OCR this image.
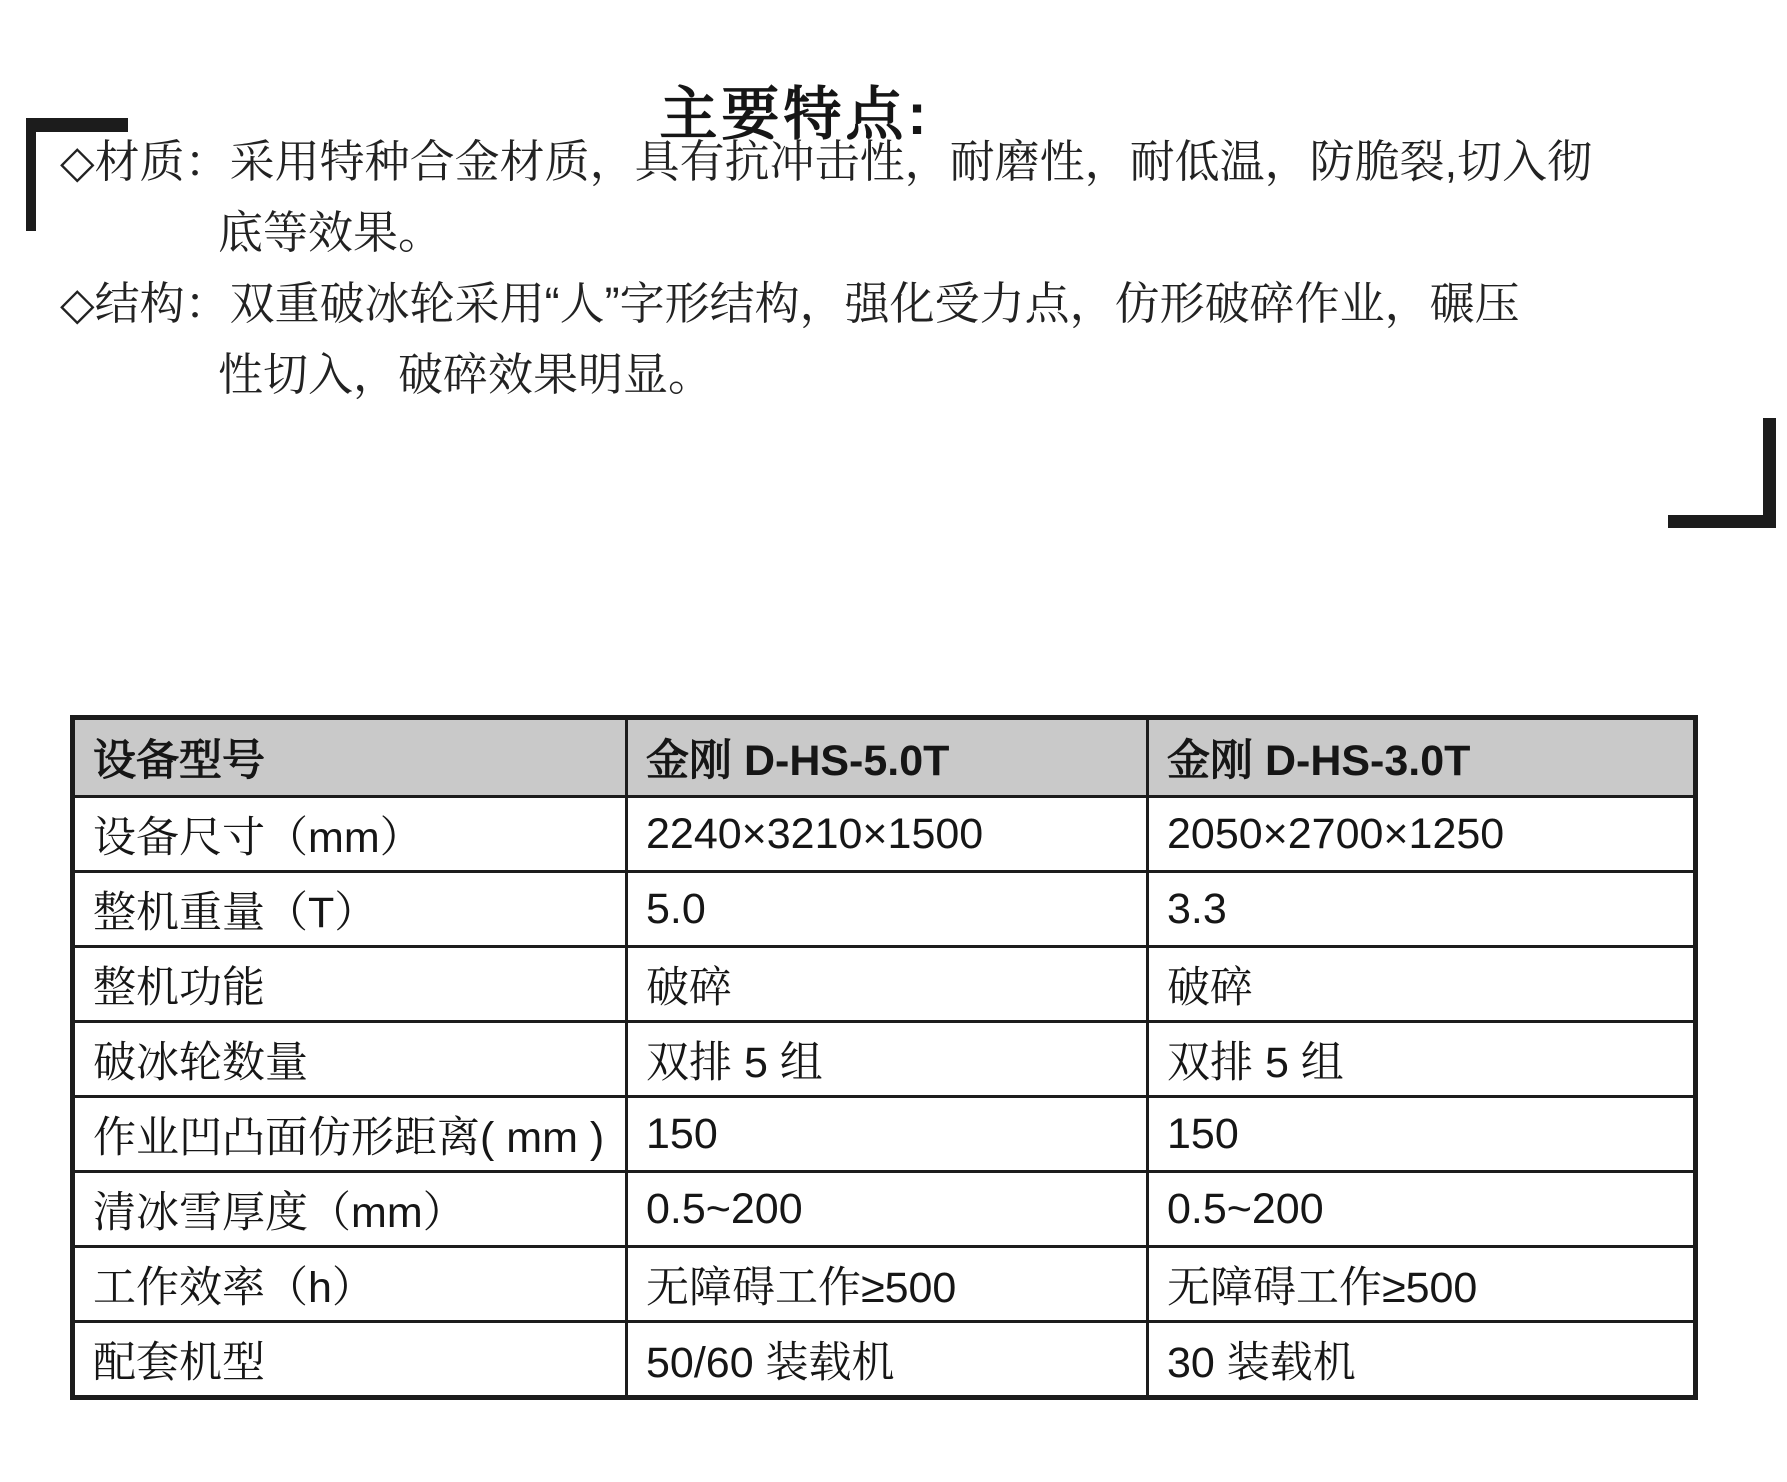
主要特点:
◇材质：采用特种合金材质，具有抗冲击性，耐磨性，耐低温，防脆裂,切入彻
底等效果。
◇结构：双重破冰轮采用“人”字形结构，强化受力点，仿形破碎作业，碾压
性切入，破碎效果明显。
设备型号	金刚 D-HS-5.0T	金刚 D-HS-3.0T
设备尺寸（mm）	2240×3210×1500	2050×2700×1250
整机重量（T）	5.0	3.3
整机功能	破碎	破碎
破冰轮数量	双排 5 组	双排 5 组
作业凹凸面仿形距离( mm )	150	150
清冰雪厚度（mm）	0.5~200	0.5~200
工作效率（h）	无障碍工作≥500	无障碍工作≥500
配套机型	50/60 装载机	30 装载机
